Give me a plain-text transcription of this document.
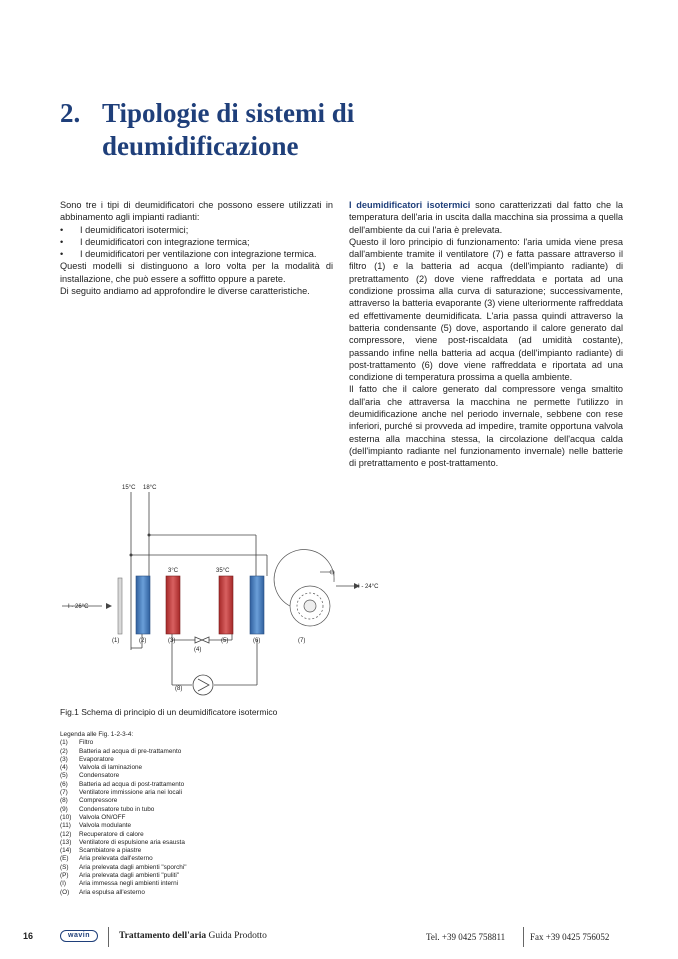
2. Tipologie di sistemi di deumidificazione

Sono tre i tipi di deumidificatori che possono essere utilizzati in abbinamento agli impianti radianti:

• I deumidificatori isotermici;
• I deumidificatori con integrazione termica;
• I deumidificatori per ventilazione con integrazione termica.

Questi modelli si distinguono a loro volta per la modalità di installazione, che può essere a soffitto oppure a parete.

Di seguito andiamo ad approfondire le diverse caratteristiche.

I deumidificatori isotermici sono caratterizzati dal fatto che la temperatura dell'aria in uscita dalla macchina sia prossima a quella dell'ambiente da cui l'aria è prelevata.

Questo il loro principio di funzionamento: l'aria umida viene presa dall'ambiente tramite il ventilatore (7) e fatta passare attraverso il filtro (1) e la batteria ad acqua (dell'impianto radiante) di pretrattamento (2) dove viene raffreddata e portata ad una condizione prossima alla curva di saturazione; successivamente, attraverso la batteria evaporante (3) viene ulteriormente raffreddata ed effettivamente deumidificata. L'aria passa quindi attraverso la batteria condensante (5) dove, asportando il calore generato dal compressore, viene post-riscaldata (ad umidità costante), passando infine nella batteria ad acqua (dell'impianto radiante) di post-trattamento (6) dove viene raffreddata e riportata ad una condizione di temperatura prossima a quella ambiente.

Il fatto che il calore generato dal compressore venga smaltito dall'aria che attraversa la macchina ne permette l'utilizzo in deumidificazione anche nel periodo invernale, sebbene con rese inferiori, purché si provveda ad impedire, tramite opportuna valvola esterna alla macchina stessa, la circolazione dell'acqua calda (dell'impianto radiante nel funzionamento invernale) nelle batterie di pretrattamento e post-trattamento.

15°C 18°C
3°C	35°C
I - 26°C
I - 24°C
(1)	(2)	(3)
(4)
(5)	(6)	(7)
(8)
Fig.1 Schema di principio di un deumidificatore isotermico
Legenda alle Fig. 1-2-3-4:
(1)	Filtro
(2)	Batteria ad acqua di pre-trattamento
(3)	Evaporatore
(4)	Valvola di laminazione
(5)	Condensatore
(6)	Batteria ad acqua di post-trattamento
(7)	Ventilatore immissione aria nei locali
(8)	Compressore
(9)	Condensatore tubo in tubo
(10)	Valvola ON/OFF
(11)	Valvola modulante
(12)	Recuperatore di calore
(13)	Ventilatore di espulsione aria esausta
(14)	Scambiatore a piastre
(E)	Aria prelevata dall'esterno
(S)	Aria prelevata dagli ambienti "sporchi"
(P)	Aria prelevata dagli ambienti "puliti"
(I)	Aria immessa negli ambienti interni
(O)	Aria espulsa all'esterno
16	wavin	Trattamento dell'aria Guida Prodotto	Tel. +39 0425 758811	Fax +39 0425 756052
